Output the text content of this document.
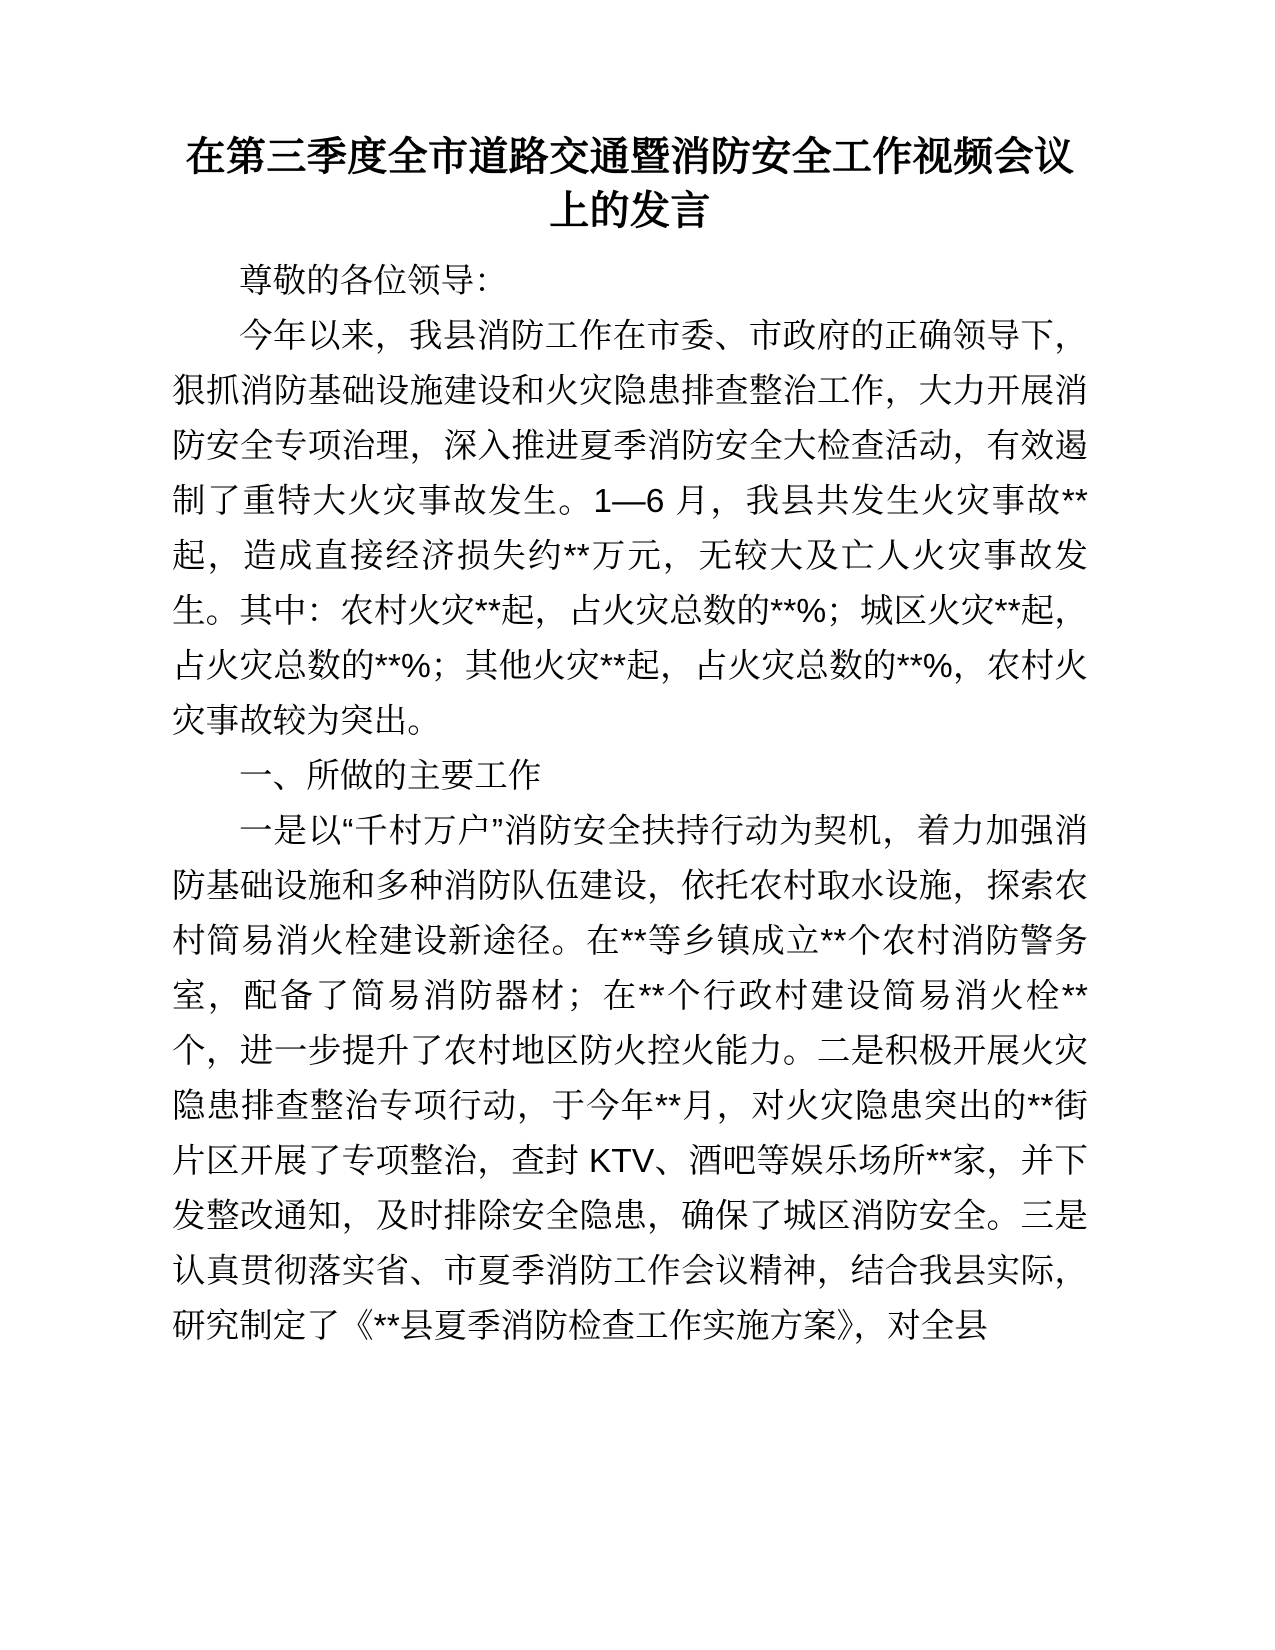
在第三季度全市道路交通暨消防安全工作视频会议上的发言

尊敬的各位领导：

今年以来，我县消防工作在市委、市政府的正确领导下，狠抓消防基础设施建设和火灾隐患排查整治工作，大力开展消防安全专项治理，深入推进夏季消防安全大检查活动，有效遏制了重特大火灾事故发生。1—6 月，我县共发生火灾事故**起，造成直接经济损失约**万元，无较大及亡人火灾事故发生。其中：农村火灾**起，占火灾总数的**%；城区火灾**起，占火灾总数的**%；其他火灾**起，占火灾总数的**%，农村火灾事故较为突出。

一、所做的主要工作

一是以“千村万户”消防安全扶持行动为契机，着力加强消防基础设施和多种消防队伍建设，依托农村取水设施，探索农村简易消火栓建设新途径。在**等乡镇成立**个农村消防警务室，配备了简易消防器材；在**个行政村建设简易消火栓**个，进一步提升了农村地区防火控火能力。二是积极开展火灾隐患排查整治专项行动，于今年**月，对火灾隐患突出的**街片区开展了专项整治，查封 KTV、酒吧等娱乐场所**家，并下发整改通知，及时排除安全隐患，确保了城区消防安全。三是认真贯彻落实省、市夏季消防工作会议精神，结合我县实际，研究制定了《**县夏季消防检查工作实施方案》，对全县
